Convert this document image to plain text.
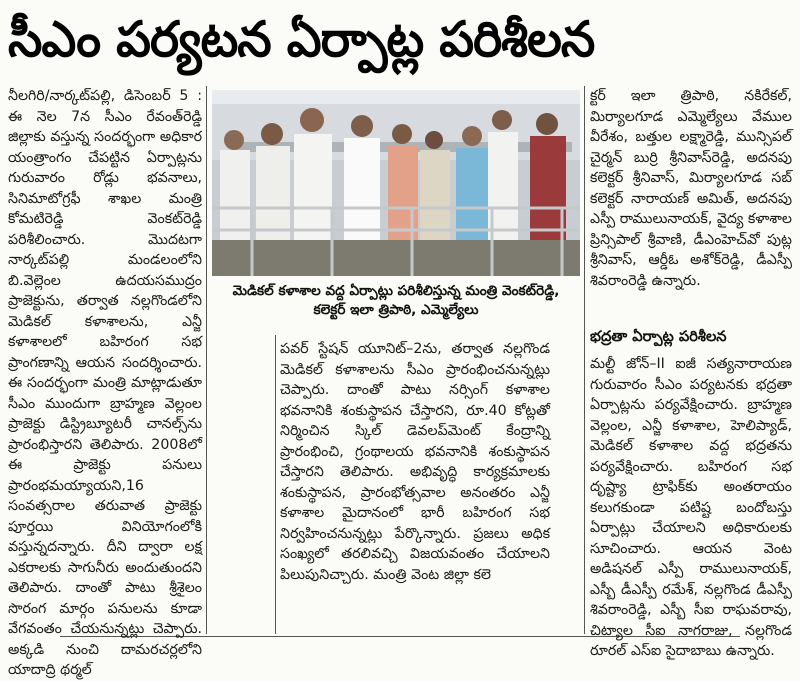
సీఎం పర్యటన ఏర్పాట్ల పరిశీలన

నీలగిరి/నార్కట్‌పల్లి, డిసెంబర్ 5 : ఈ నెల 7న సీఎం రేవంత్‌రెడ్డి జిల్లాకు వస్తున్న సందర్భంగా అధికార యంత్రాంగం చేపట్టిన ఏర్పాట్లను గురువారం రోడ్లు భవనాలు, సినిమాటోగ్రఫీ శాఖల మంత్రి కోమటిరెడ్డి వెంకట్‌రెడ్డి పరిశీలించారు. మొదటగా నార్కట్‌పల్లి మండలంలోని బి.వెల్లెంల ఉదయసముద్రం ప్రాజెక్టును, తర్వాత నల్లగొండలోని మెడికల్ కళాశాలను, ఎన్జీ కళాశాలలో బహిరంగ సభ ప్రాంగణాన్ని ఆయన సందర్శించారు. ఈ సందర్భంగా మంత్రి మాట్లాడుతూ సీఎం ముందుగా బ్రాహ్మణ వెల్లంల ప్రాజెక్టు డిస్ట్రిబ్యూటరీ చానల్స్‌ను ప్రారంభిస్తారని తెలిపారు. 2008లో ఈ ప్రాజెక్టు పనులు ప్రారంభమయ్యాయని,16 సంవత్సరాల తరువాత ప్రాజెక్టు పూర్తయి వినియోగంలోకి వస్తున్నదన్నారు. దీని ద్వారా లక్ష ఎకరాలకు సాగునీరు అందుతుందని తెలిపారు. దాంతో పాటు శ్రీశైలం సొరంగ మార్గం పనులను కూడా వేగవంతం చేయనున్నట్లు చెప్పారు. అక్కడి నుంచి దామరచర్లలోని యాదాద్రి థర్మల్

మెడికల్ కళాశాల వద్ద ఏర్పాట్లు పరిశీలిస్తున్న మంత్రి వెంకట్‌రెడ్డి,
కలెక్టర్ ఇలా త్రిపాఠి, ఎమ్మెల్యేలు

పవర్ స్టేషన్ యూనిట్–2ను, తర్వాత నల్లగొండ మెడికల్ కళాశాలను సీఎం ప్రారంభించనున్నట్లు చెప్పారు. దాంతో పాటు నర్సింగ్ కళాశాల భవనానికి శంకుస్థాపన చేస్తారని, రూ.40 కోట్లతో నిర్మించిన స్కిల్ డెవలప్‌మెంట్ కేంద్రాన్ని ప్రారంభించి, గ్రంథాలయ భవనానికి శంకుస్థాపన చేస్తారని తెలిపారు. అభివృద్ధి కార్యక్రమాలకు శంకుస్థాపన, ప్రారంభోత్సవాల అనంతరం ఎన్జీ కళాశాల మైదానంలో భారీ బహిరంగ సభ నిర్వహించనున్నట్లు పేర్కొన్నారు. ప్రజలు అధిక సంఖ్యలో తరలివచ్చి విజయవంతం చేయాలని పిలుపునిచ్చారు. మంత్రి వెంట జిల్లా కలె

క్టర్ ఇలా త్రిపాఠి, నకిరేకల్, మిర్యాలగూడ ఎమ్మెల్యేలు వేముల వీరేశం, బత్తుల లక్ష్మారెడ్డి, మున్సిపల్ చైర్మన్ బుర్రి శ్రీనివాస్‌రెడ్డి, అదనపు కలెక్టర్ శ్రీనివాస్, మిర్యాలగూడ సబ్ కలెక్టర్ నారాయణ్ అమిత్, అదనపు ఎస్పీ రాములునాయక్, వైద్య కళాశాల ప్రిన్సిపాల్ శ్రీవాణి, డీఎంహెచ్‌వో పుట్ల శ్రీనివాస్, ఆర్డీఓ అశోక్‌రెడ్డి, డీఎస్పీ శివరాంరెడ్డి ఉన్నారు.

భద్రతా ఏర్పాట్ల పరిశీలన

మల్టీ జోన్–II ఐజీ సత్యనారాయణ గురువారం సీఎం పర్యటనకు భద్రతా ఏర్పాట్లను పర్యవేక్షించారు. బ్రాహ్మణ వెల్లంల, ఎన్జీ కళాశాల, హెలిప్యాడ్, మెడికల్ కళాశాల వద్ద భద్రతను పర్యవేక్షించారు. బహిరంగ సభ దృష్ట్యా ట్రాఫిక్‌కు అంతరాయం కలుగకుండా పటిష్ట బందోబస్తు ఏర్పాట్లు చేయాలని అధికారులకు సూచించారు. ఆయన వెంట అడిషనల్ ఎస్పీ రాములునాయక్, ఎస్బీ డీఎస్పీ రమేశ్, నల్లగొండ డీఎస్పీ శివరాంరెడ్డి, ఎస్బీ సీఐ రాఘవరావు, చిట్యాల సీఐ నాగరాజు, నల్లగొండ రూరల్ ఎస్ఐ సైదాబాబు ఉన్నారు.
